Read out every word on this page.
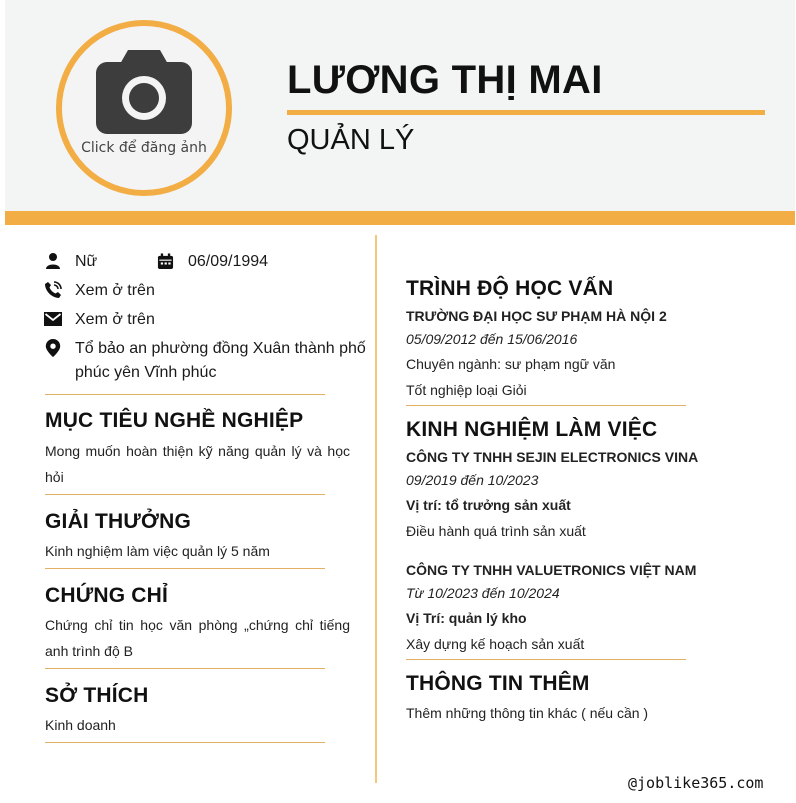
Click để đăng ảnh
LƯƠNG THỊ MAI
QUẢN LÝ
Nữ	06/09/1994
Xem ở trên
Xem ở trên
Tổ bảo an phường đồng Xuân thành phố
phúc yên Vĩnh phúc
MỤC TIÊU NGHỀ NGHIỆP
Mong muốn hoàn thiện kỹ năng quản lý và học
hỏi
GIẢI THƯỞNG
Kinh nghiệm làm việc quản lý 5 năm
CHỨNG CHỈ
Chứng chỉ tin học văn phòng „chứng chỉ tiếng
anh trình độ B
SỞ THÍCH
Kinh doanh
TRÌNH ĐỘ HỌC VẤN
TRƯỜNG ĐẠI HỌC SƯ PHẠM HÀ NỘI 2
05/09/2012 đến 15/06/2016
Chuyên ngành: sư phạm ngữ văn
Tốt nghiệp loại Giỏi
KINH NGHIỆM LÀM VIỆC
CÔNG TY TNHH SEJIN ELECTRONICS VINA
09/2019 đến 10/2023
Vị trí: tổ trưởng sản xuất
Điều hành quá trình sản xuất
CÔNG TY TNHH VALUETRONICS VIỆT NAM
Từ 10/2023 đến 10/2024
Vị Trí: quản lý kho
Xây dựng kế hoạch sản xuất
THÔNG TIN THÊM
Thêm những thông tin khác ( nếu cần )
@joblike365.com
